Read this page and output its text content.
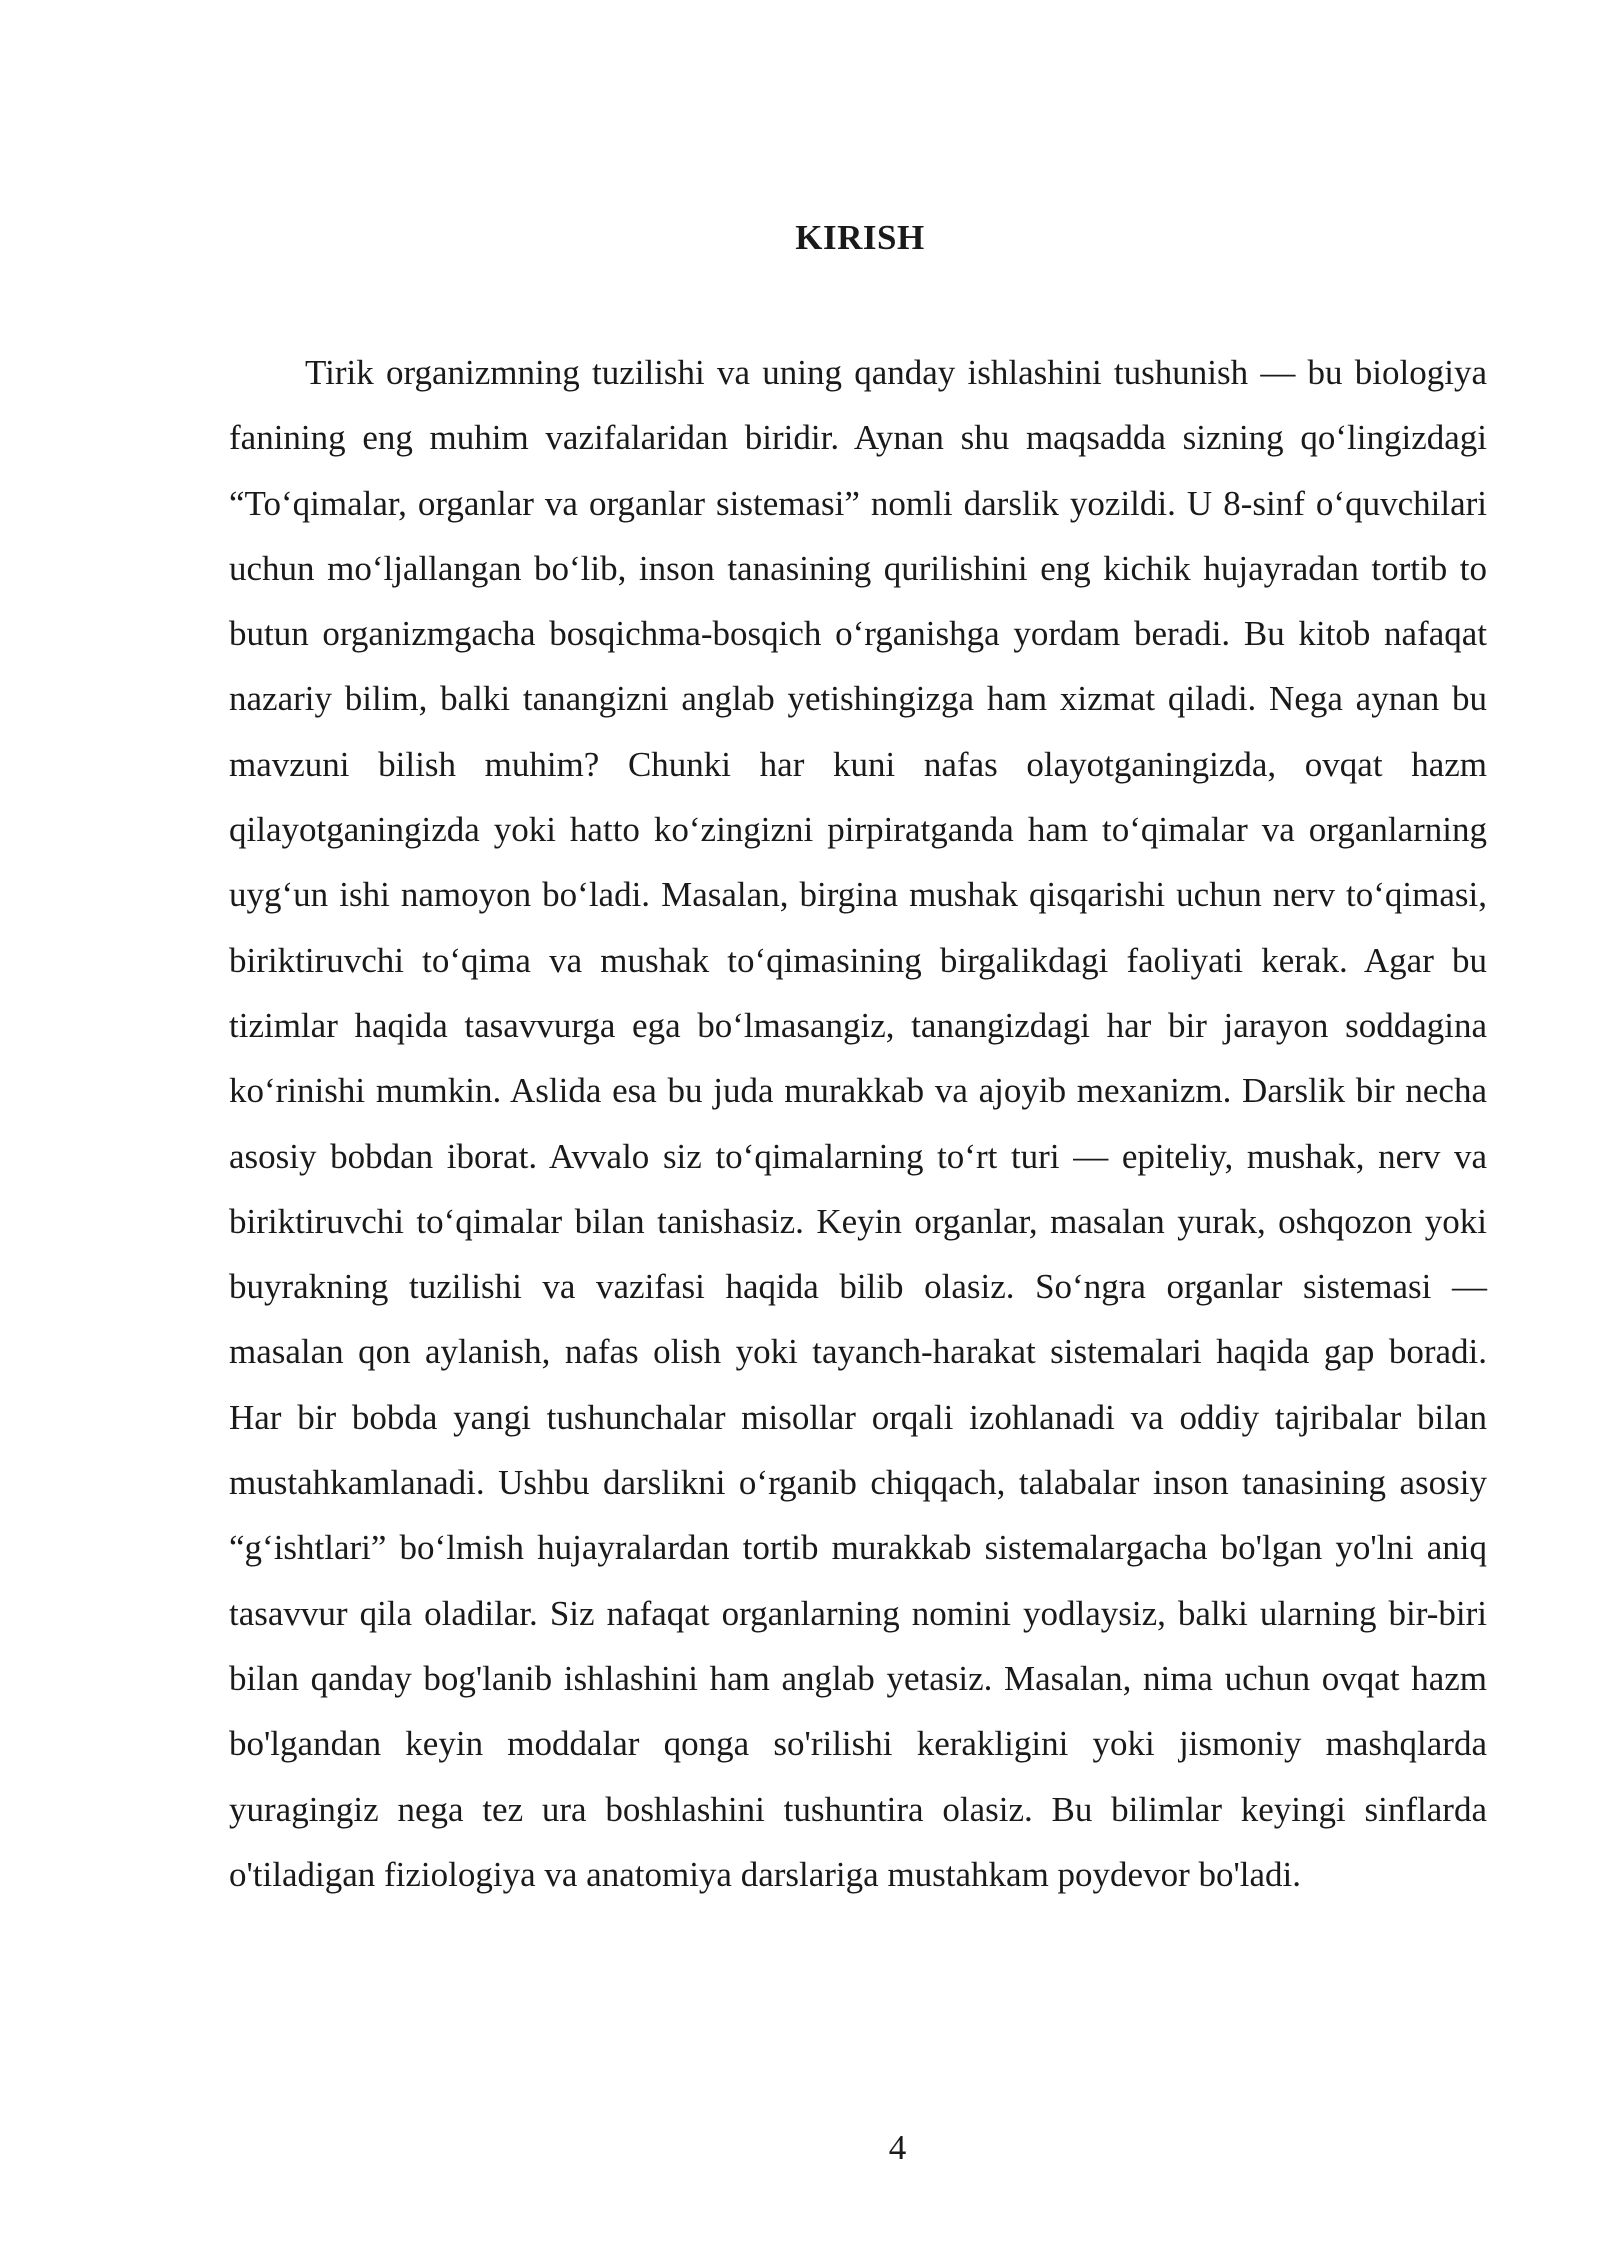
KIRISH

Tirik organizmning tuzilishi va uning qanday ishlashini tushunish — bu biologiya fanining eng muhim vazifalaridan biridir. Aynan shu maqsadda sizning qo‘lingizdagi “To‘qimalar, organlar va organlar sistemasi” nomli darslik yozildi. U 8-sinf o‘quvchilari uchun mo‘ljallangan bo‘lib, inson tanasining qurilishini eng kichik hujayradan tortib to butun organizmgacha bosqichma-bosqich o‘rganishga yordam beradi. Bu kitob nafaqat nazariy bilim, balki tanangizni anglab yetishingizga ham xizmat qiladi. Nega aynan bu mavzuni bilish muhim? Chunki har kuni nafas olayotganingizda, ovqat hazm qilayotganingizda yoki hatto ko‘zingizni pirpiratganda ham to‘qimalar va organlarning uyg‘un ishi namoyon bo‘ladi. Masalan, birgina mushak qisqarishi uchun nerv to‘qimasi, biriktiruvchi to‘qima va mushak to‘qimasining birgalikdagi faoliyati kerak. Agar bu tizimlar haqida tasavvurga ega bo‘lmasangiz, tanangizdagi har bir jarayon soddagina ko‘rinishi mumkin. Aslida esa bu juda murakkab va ajoyib mexanizm. Darslik bir necha asosiy bobdan iborat. Avvalo siz to‘qimalarning to‘rt turi — epiteliy, mushak, nerv va biriktiruvchi to‘qimalar bilan tanishasiz. Keyin organlar, masalan yurak, oshqozon yoki buyrakning tuzilishi va vazifasi haqida bilib olasiz. So‘ngra organlar sistemasi — masalan qon aylanish, nafas olish yoki tayanch-harakat sistemalari haqida gap boradi. Har bir bobda yangi tushunchalar misollar orqali izohlanadi va oddiy tajribalar bilan mustahkamlanadi. Ushbu darslikni o‘rganib chiqqach, talabalar inson tanasining asosiy “g‘ishtlari” bo‘lmish hujayralardan tortib murakkab sistemalargacha bo'lgan yo'lni aniq tasavvur qila oladilar. Siz nafaqat organlarning nomini yodlaysiz, balki ularning bir-biri bilan qanday bog'lanib ishlashini ham anglab yetasiz. Masalan, nima uchun ovqat hazm bo'lgandan keyin moddalar qonga so'rilishi kerakligini yoki jismoniy mashqlarda yuragingiz nega tez ura boshlashini tushuntira olasiz. Bu bilimlar keyingi sinflarda o'tiladigan fiziologiya va anatomiya darslariga mustahkam poydevor bo'ladi.

4
